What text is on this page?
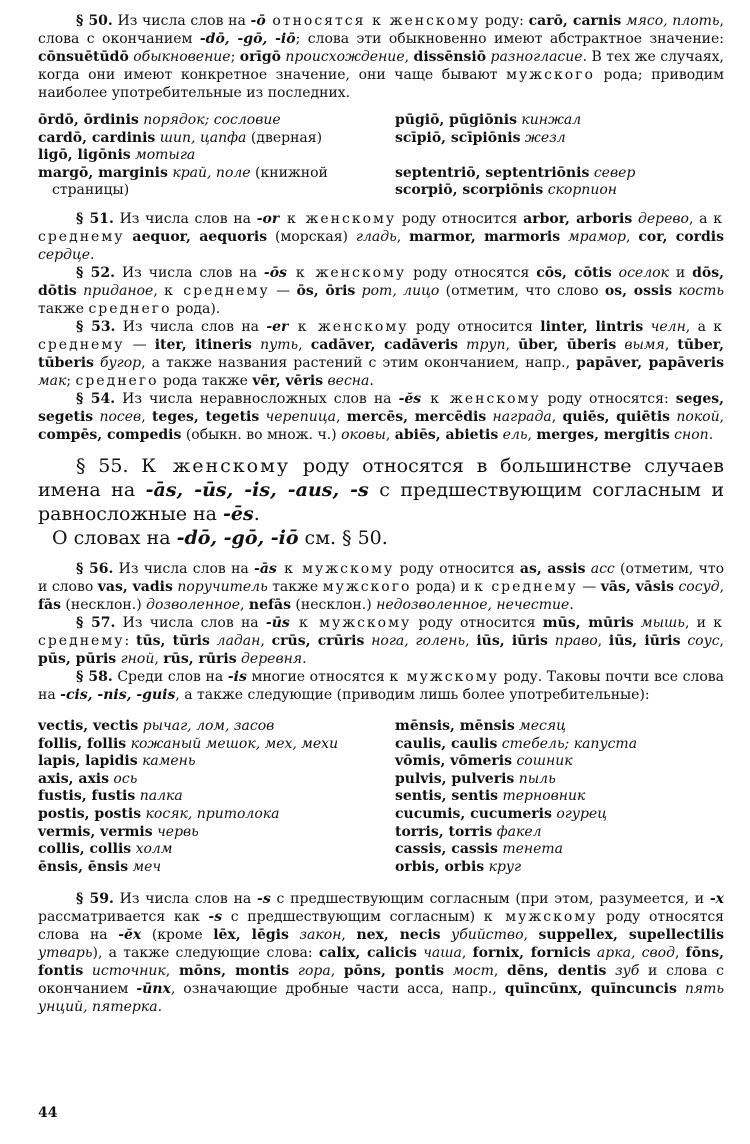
§ 50. Из числа слов на -ō относятся к женскому роду: carō, carnis мясо, плоть, слова с окончанием -dō, -gō, -iō; слова эти обыкновенно имеют абстрактное значение: cōnsuētūdō обыкновение; orīgō происхождение, dissēnsiō разногласие. В тех же случаях, когда они имеют конкретное значение, они чаще бывают мужского рода; приводим наиболее употребительные из последних.

ōrdō, ōrdinis порядок; сословие
cardō, cardinis шип, цапфа (дверная)
ligō, ligōnis мотыга
margō, marginis край, поле (книжной страницы)
pūgiō, pūgiōnis кинжал
scīpiō, scīpiōnis жезл

septentriō, septentriōnis север
scorpiō, scorpiōnis скорпион

§ 51. Из числа слов на -or к женскому роду относится arbor, arboris дерево, а к среднему aequor, aequoris (морская) гладь, marmor, marmoris мрамор, cor, cordis сердце.

§ 52. Из числа слов на -ōs к женскому роду относятся cōs, cōtis оселок и dōs, dōtis приданое, к среднему — ōs, ōris рот, лицо (отметим, что слово os, ossis кость также среднего рода).

§ 53. Из числа слов на -er к женскому роду относится linter, lintris челн, а к среднему — iter, itineris путь, cadāver, cadāveris труп, ūber, ūberis вымя, tūber, tūberis бугор, а также названия растений с этим окончанием, напр., papāver, papāveris мак; среднего рода также vēr, vēris весна.

§ 54. Из числа неравносложных слов на -ĕs к женскому роду относятся: seges, segetis посев, teges, tegetis черепица, mercēs, mercēdis награда, quiēs, quiētis покой, compēs, compedis (обыкн. во множ. ч.) оковы, abiēs, abietis ель, merges, mergitis сноп.

§ 55. К женскому роду относятся в большинстве случаев имена на -ās, -ūs, -is, -aus, -s с предшествующим согласным и равносложные на -ēs.

О словах на -dō, -gō, -iō см. § 50.

§ 56. Из числа слов на -ās к мужскому роду относится as, assis асс (отметим, что и слово vas, vadis поручитель также мужского рода) и к среднему — vās, vāsis сосуд, fās (несклон.) дозволенное, nefās (несклон.) недозволенное, нечестие.

§ 57. Из числа слов на -ūs к мужскому роду относится mūs, mūris мышь, и к среднему: tūs, tūris ладан, crūs, crūris нога, голень, iūs, iūris право, iūs, iūris соус, pūs, pūris гной, rūs, rūris деревня.

§ 58. Среди слов на -is многие относятся к мужскому роду. Таковы почти все слова на -cis, -nis, -guis, а также следующие (приводим лишь более употребительные):

vectis, vectis рычаг, лом, засов
follis, follis кожаный мешок, мех, мехи
lapis, lapidis камень
axis, axis ось
fustis, fustis палка
postis, postis косяк, притолока
vermis, vermis червь
collis, collis холм
ēnsis, ēnsis меч
mēnsis, mēnsis месяц
caulis, caulis стебель; капуста
vōmis, vōmeris сошник
pulvis, pulveris пыль
sentis, sentis терновник
cucumis, cucumeris огурец
torris, torris факел
cassis, cassis тенета
orbis, orbis круг

§ 59. Из числа слов на -s с предшествующим согласным (при этом, разумеется, и -x рассматривается как -s с предшествующим согласным) к мужскому роду относятся слова на -ĕx (кроме lēx, lēgis закон, nex, necis убийство, suppellex, supellectilis утварь), а также следующие слова: calix, calicis чаша, fornix, fornicis арка, свод, fōns, fontis источник, mōns, montis гора, pōns, pontis мост, dēns, dentis зуб и слова с окончанием -ūnx, означающие дробные части асса, напр., quīncūnx, quīncuncis пять унций, пятерка.

44
